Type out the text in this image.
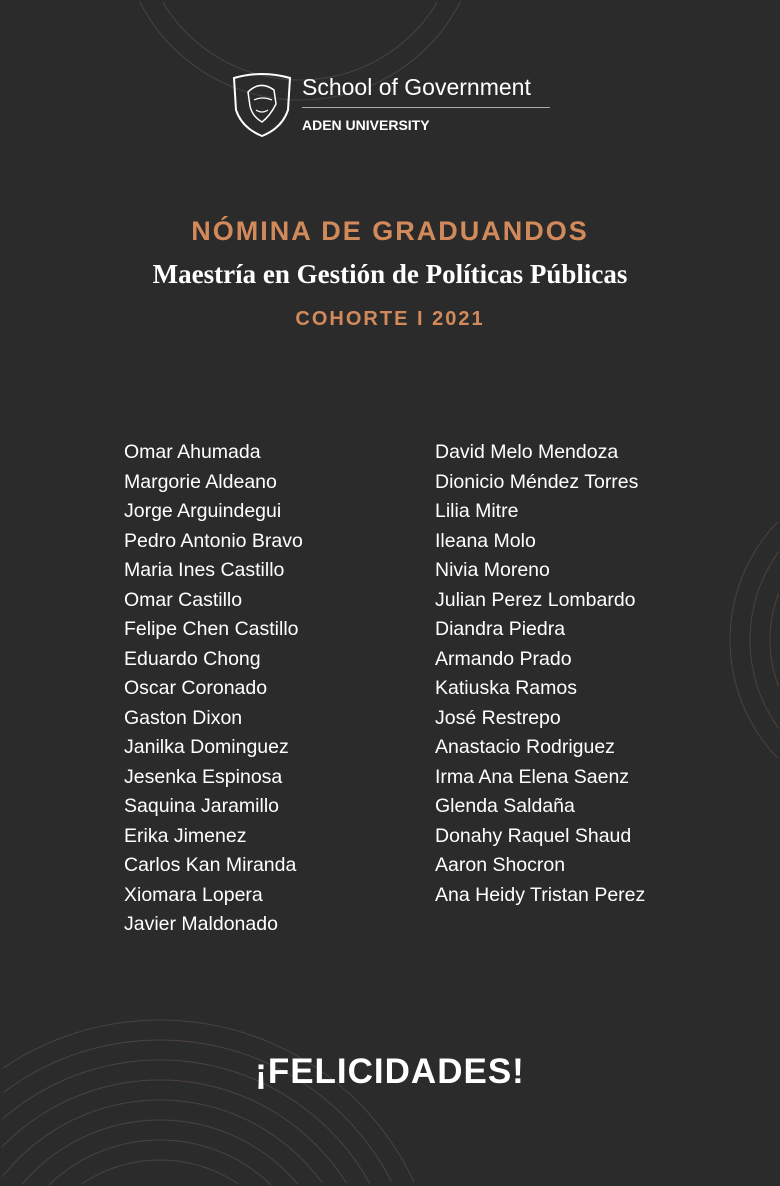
School of Government
ADEN UNIVERSITY
NÓMINA DE GRADUANDOS
Maestría en Gestión de Políticas Públicas
COHORTE I 2021
Omar Ahumada
Margorie Aldeano
Jorge Arguindegui
Pedro Antonio Bravo
Maria Ines Castillo
Omar Castillo
Felipe Chen Castillo
Eduardo Chong
Oscar Coronado
Gaston Dixon
Janilka Dominguez
Jesenka Espinosa
Saquina Jaramillo
Erika Jimenez
Carlos Kan Miranda
Xiomara Lopera
Javier Maldonado
David Melo Mendoza
Dionicio Méndez Torres
Lilia Mitre
Ileana Molo
Nivia Moreno
Julian Perez Lombardo
Diandra Piedra
Armando Prado
Katiuska Ramos
José Restrepo
Anastacio Rodriguez
Irma Ana Elena Saenz
Glenda Saldaña
Donahy Raquel Shaud
Aaron Shocron
Ana Heidy Tristan Perez
¡FELICIDADES!
